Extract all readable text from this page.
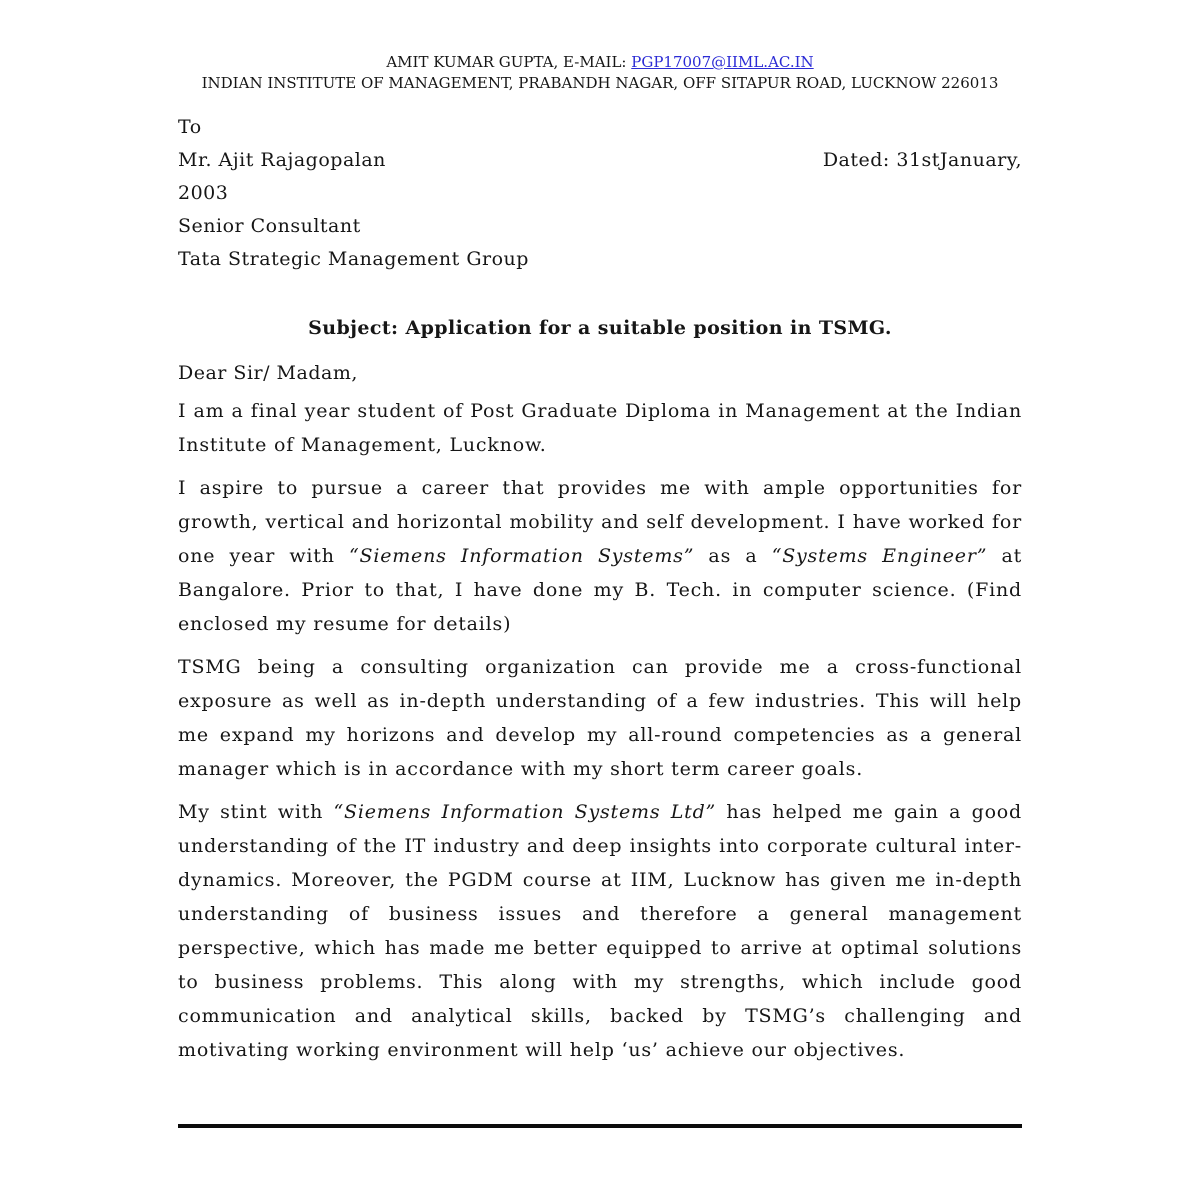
AMIT KUMAR GUPTA, E-MAIL: PGP17007@IIML.AC.IN
INDIAN INSTITUTE OF MANAGEMENT, PRABANDH NAGAR, OFF SITAPUR ROAD, LUCKNOW 226013

To

Mr. Ajit Rajagopalan	Dated: 31stJanuary,

2003

Senior Consultant

Tata Strategic Management Group

Subject: Application for a suitable position in TSMG.
Dear Sir/ Madam,

I am a final year student of Post Graduate Diploma in Management at the Indian Institute of Management, Lucknow.

I aspire to pursue a career that provides me with ample opportunities for growth, vertical and horizontal mobility and self development. I have worked for one year with “Siemens Information Systems” as a “Systems Engineer” at Bangalore. Prior to that, I have done my B. Tech. in computer science. (Find enclosed my resume for details)

TSMG being a consulting organization can provide me a cross-functional exposure as well as in-depth understanding of a few industries. This will help me expand my horizons and develop my all-round competencies as a general manager which is in accordance with my short term career goals.

My stint with “Siemens Information Systems Ltd” has helped me gain a good understanding of the IT industry and deep insights into corporate cultural inter-dynamics. Moreover, the PGDM course at IIM, Lucknow has given me in-depth understanding of business issues and therefore a general management perspective, which has made me better equipped to arrive at optimal solutions to business problems. This along with my strengths, which include good communication and analytical skills, backed by TSMG’s challenging and motivating working environment will help ‘us’ achieve our objectives.
